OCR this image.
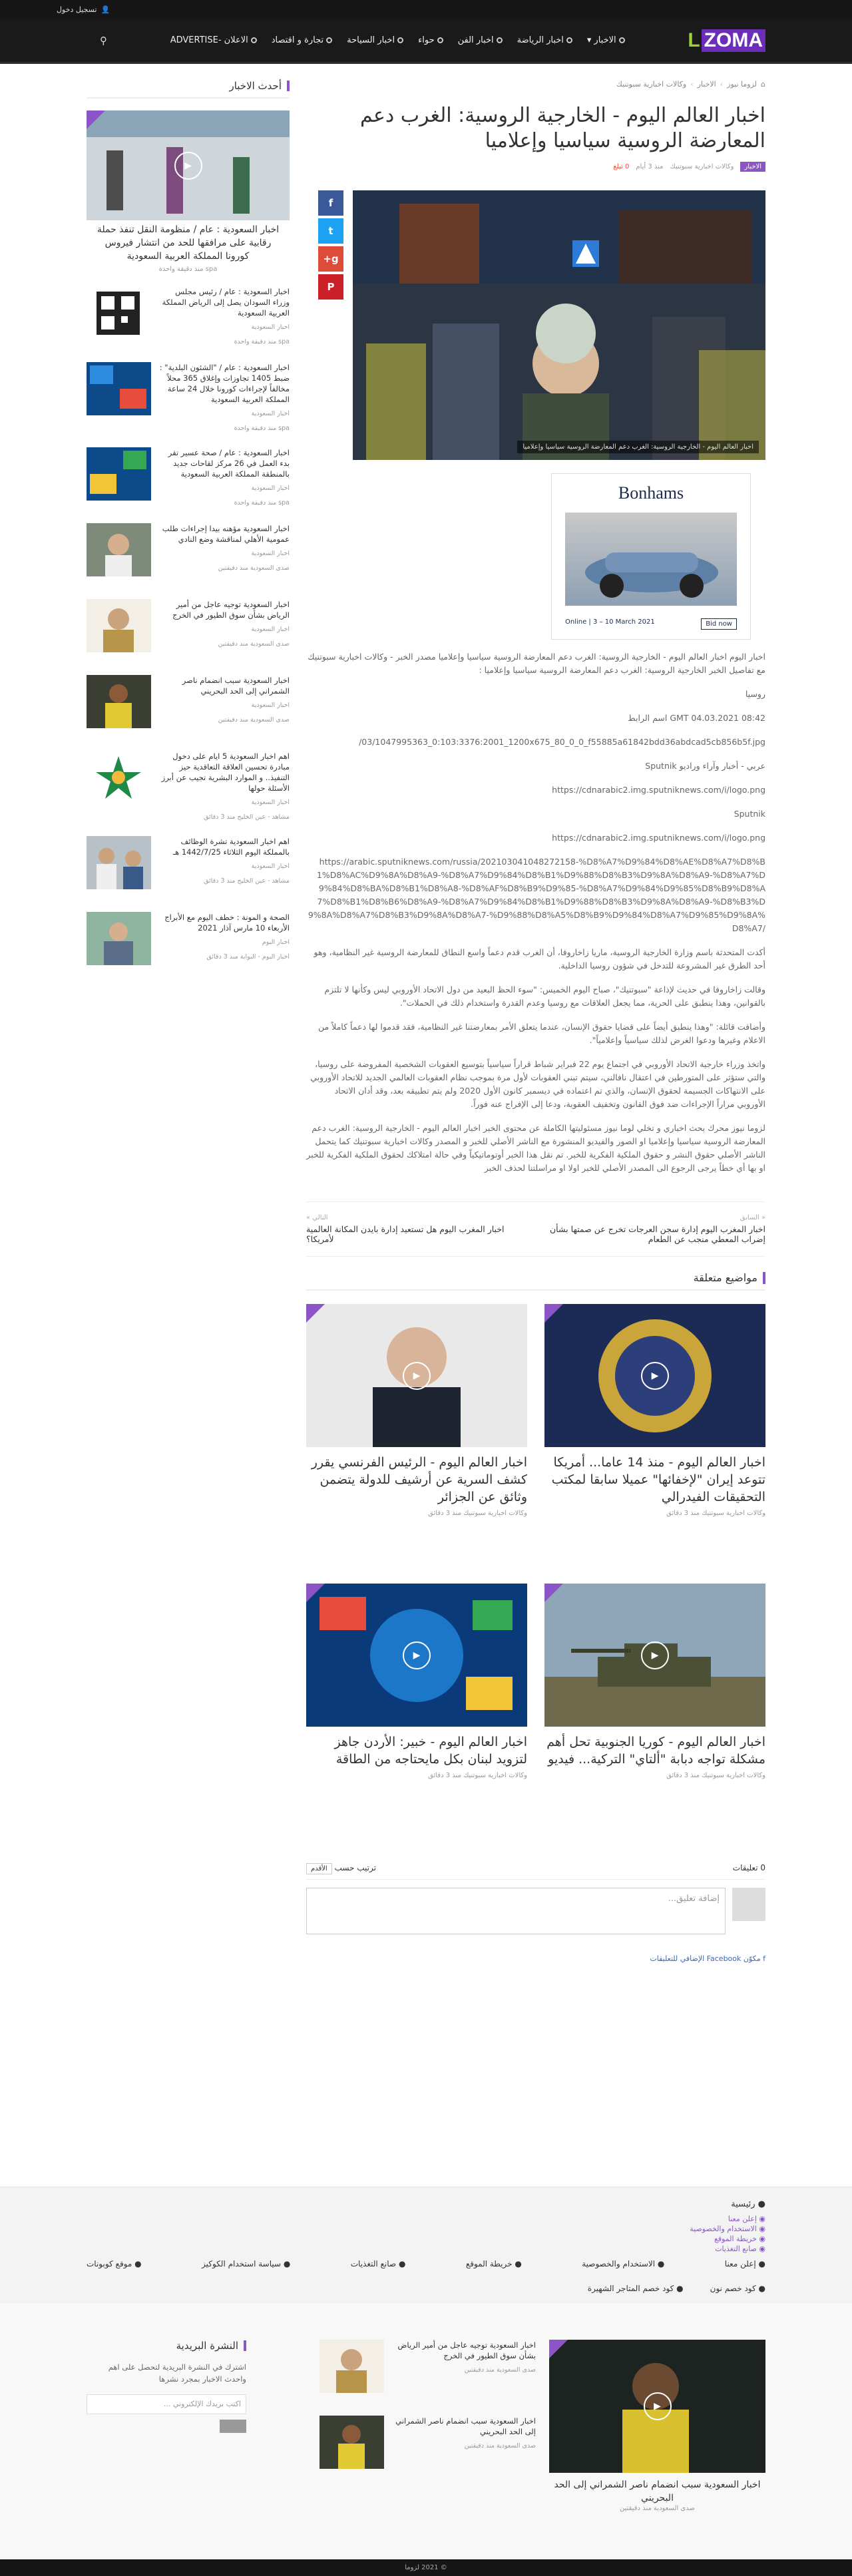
👤
تسجيل دخول
L ZOMA
الاخبار
▾
اخبار الرياضة
اخبار الفن
حواء
اخبار السياحة
تجارة و اقتصاد
الاعلان -ADVERTISE
⚲
⌂
لزوما نيوز
›
الاخبار
›
وكالات اخبارية سبوتنيك
اخبار العالم اليوم - الخارجية الروسية: الغرب دعم المعارضة الروسية سياسيا وإعلاميا
الاخبار
وكالات اخبارية سبوتنيك
منذ 3 أيام
0 تبلغ
اخبار العالم اليوم - الخارجية الروسية: الغرب دعم المعارضة الروسية سياسيا وإعلاميا
f
t
g+
P
Bonhams
Online | 3 – 10 March 2021	Bid now

اخبار اليوم اخبار العالم اليوم - الخارجية الروسية: الغرب دعم المعارضة الروسية سياسيا وإعلاميا مصدر الخبر - وكالات اخبارية سبوتنيك مع تفاصيل الخبر الخارجية الروسية: الغرب دعم المعارضة الروسية سياسيا وإعلاميا :

روسيا

GMT 04.03.2021 08:42 اسم الرابط

/03/1047995363_0:103:3376:2001_1200x675_80_0_0_f55885a61842bdd36abdcad5cb856b5f.jpg

عربي - أخبار وآراء وراديو Sputnik

https://cdnarabic2.img.sputniknews.com/i/logo.png

Sputnik

https://cdnarabic2.img.sputniknews.com/i/logo.png

https://arabic.sputniknews.com/russia/202103041048272158-%D8%A7%D9%84%D8%AE%D8%A7%D8%B1%D8%AC%D9%8A%D8%A9-%D8%A7%D9%84%D8%B1%D9%88%D8%B3%D9%8A%D8%A9-%D8%A7%D9%84%D8%BA%D8%B1%D8%A8-%D8%AF%D8%B9%D9%85-%D8%A7%D9%84%D9%85%D8%B9%D8%A7%D8%B1%D8%B6%D8%A9-%D8%A7%D9%84%D8%B1%D9%88%D8%B3%D9%8A%D8%A9-%D8%B3%D9%8A%D8%A7%D8%B3%D9%8A%D8%A7-%D9%88%D8%A5%D8%B9%D9%84%D8%A7%D9%85%D9%8A%D8%A7/

أكدت المتحدثة باسم وزارة الخارجية الروسية، ماريا زاخاروفا، أن الغرب قدم دعماً واسع النطاق للمعارضة الروسية غير النظامية، وهو أحد الطرق غير المشروعة للتدخل في شؤون روسيا الداخلية.

وقالت زاخاروفا في حديث لإذاعة "سبوتنيك"، صباح اليوم الخميس: "سوء الحظ البعيد من دول الاتحاد الأوروبي ليس وكأنها لا تلتزم بالقوانين، وهذا ينطبق على الحرية، مما يجعل العلاقات مع روسيا وعدم القدرة واستخدام ذلك في الحملات".

وأضافت قائلة: "وهذا ينطبق أيضاً على قضايا حقوق الإنسان، عندما يتعلق الأمر بمعارضتنا غير النظامية، فقد قدموا لها دعماً كاملاً من الاعلام وغيرها ودعوا الغرض لذلك سياسياً وإعلامياً".

واتخذ وزراء خارجية الاتحاد الأوروبي في اجتماع يوم 22 فبراير شباط قراراً سياسياً بتوسيع العقوبات الشخصية المفروضة على روسيا، والتي ستؤثر على المتورطين في اعتقال نافالني، سيتم تبني العقوبات لأول مرة بموجب نظام العقوبات العالمي الجديد للاتحاد الأوروبي على الانتهاكات الجسيمة لحقوق الإنسان، والذي تم اعتماده في ديسمبر كانون الأول 2020 ولم يتم تطبيقه بعد، وقد أدان الاتحاد الأوروبي مراراً الإجراءات ضد فوق القانون وتخفيف العقوبة، ودعا إلى الإفراج عنه فوراً.

لزوما نيوز محرك بحث اخباري و تخلي لوما نيوز مسئوليتها الكاملة عن محتوى الخبر اخبار العالم اليوم - الخارجية الروسية: الغرب دعم المعارضة الروسية سياسيا وإعلاميا او الصور والفيديو المنشورة مع الناشر الأصلي للخبر و المصدر وكالات اخبارية سبوتنيك كما يتحمل الناشر الأصلي حقوق النشر و حقوق الملكية الفكرية للخبر. تم نقل هذا الخبر أوتوماتيكياً وفي حالة امتلاكك لحقوق الملكية الفكرية للخبر او بها أي خطاً يرجى الرجوع الى المصدر الأصلي للخبر اولا او مراسلتنا لحذف الخبر

« السابق
اخبار المغرب اليوم إدارة سجن العرجات تخرج عن صمتها بشأن إضراب المعطي منجب عن الطعام
التالي »
اخبار المغرب اليوم هل تستعيد إدارة بايدن المكانة العالمية لأمريكا؟
مواضيع متعلقة
▶
اخبار العالم اليوم - منذ 14 عاما... أمريكا تتوعد إيران "لإخفائها" عميلا سابقا لمكتب التحقيقات الفيدرالي
وكالات اخبارية سبوتنيك منذ 3 دقائق
▶
اخبار العالم اليوم - الرئيس الفرنسي يقرر كشف السرية عن أرشيف للدولة يتضمن وثائق عن الجزائر
وكالات اخبارية سبوتنيك منذ 3 دقائق
▶
اخبار العالم اليوم - كوريا الجنوبية تحل أهم مشكلة تواجه دبابة "ألتاي" التركية... فيديو
وكالات اخبارية سبوتنيك منذ 3 دقائق
▶
اخبار العالم اليوم - خبير: الأردن جاهز لتزويد لبنان بكل مايحتاجه من الطاقة
وكالات اخبارية سبوتنيك منذ 3 دقائق
0 تعليقات
ترتيب حسب الأقدم
إضافة تعليق...
f مكوّن Facebook الإضافي للتعليقات
أحدث الاخبار
▶
اخبار السعودية : عام / منظومة النقل تنفذ حملة رقابية على مرافقها للحد من انتشار فيروس كورونا المملكة العربية السعودية
spa منذ دقيقة واحدة
اخبار السعودية : عام / رئيس مجلس وزراء السودان يصل إلى الرياض المملكة العربية السعودية
اخبار السعودية
spa منذ دقيقة واحدة
اخبار السعودية : عام / "الشئون البلدية" : ضبط 1405 تجاوزات وإغلاق 365 محلاً مخالفاً لإجراءات كورونا خلال 24 ساعة المملكة العربية السعودية
اخبار السعودية
spa منذ دقيقة واحدة
اخبار السعودية : عام / صحة عسير تقر بدء العمل في 26 مركز لقاحات جديد بالمنطقة المملكة العربية السعودية
اخبار السعودية
spa منذ دقيقة واحدة
اخبار السعودية مؤهنه بيدا إجراءات طلب عمومية الأهلي لمناقشة وضع النادي
اخبار السعودية
صدى السعودية منذ دقيقتين
اخبار السعودية توجيه عاجل من أمير الرياض بشأن سوق الطيور في الخرج
اخبار السعودية
صدى السعودية منذ دقيقتين
اخبار السعودية سبب انضمام ناصر الشمراني إلى الحد البحريني
اخبار السعودية
صدى السعودية منذ دقيقتين
اهم اخبار السعودية 5 ايام على دخول مبادرة تحسين العلاقة التعاقدية حيز التنفيذ.. و الموارد البشرية تجيب عن أبرز الأسئلة حولها
اخبار السعودية
مشاهد - عين الخليج منذ 3 دقائق
اهم اخبار السعودية تشرة الوظائف بالمملكة اليوم الثلاثاء 1442/7/25 هـ
اخبار السعودية
مشاهد - عين الخليج منذ 3 دقائق
الصحة و المونة : خطف اليوم مع الأبراج الأربعاء 10 مارس آذار 2021
اخبار اليوم
اخبار اليوم - البوابة منذ 3 دقائق
● رئيسية
◉ إعلن معنا
◉ الاستخدام والخصوصية
◉ خريطة الموقع
◉ صانع التغذيات
● إعلن معنا
● الاستخدام والخصوصية
● خريطة الموقع
● صانع التغذيات
● سياسة استخدام الكوكيز
● موقع كوبونات
● كود خصم نون
● كود خصم المتاجر الشهيرة
▶
اخبار السعودية سبب انضمام ناصر الشمراني إلى الحد البحريني
صدى السعودية منذ دقيقتين
اخبار السعودية توجيه عاجل من أمير الرياض بشأن سوق الطيور في الخرج
صدى السعودية منذ دقيقتين
اخبار السعودية سبب انضمام ناصر الشمراني إلى الحد البحريني
صدى السعودية منذ دقيقتين
النشرة البريدية

اشترك في النشرة البريدية لتحصل على اهم واحدث الاخبار بمجرد نشرها

اكتب بريدك الإلكتروني ...
© 2021 لزوما
